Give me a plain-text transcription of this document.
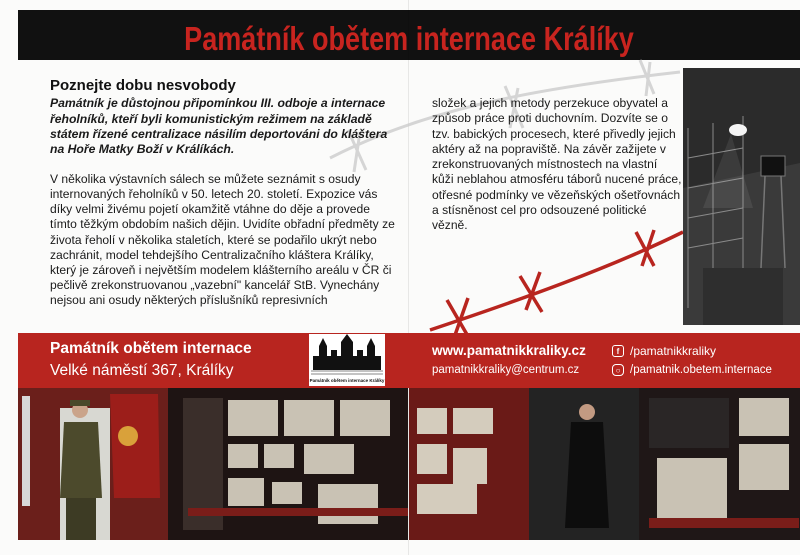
Památník obětem internace Králíky
Poznejte dobu nesvobody
Památník je důstojnou připomínkou III. odboje a internace řeholníků, kteří byli komunistickým režimem na základě státem řízené centralizace násilím deportováni do kláštera na Hoře Matky Boží v Králíkách.
V několika výstavních sálech se můžete seznámit s osudy internovaných řeholníků v 50. letech 20. století. Expozice vás díky velmi živému pojetí okamžitě vtáhne do děje a provede tímto těžkým obdobím našich dějin. Uvidíte obřadní předměty ze života řeholí v několika staletích, které se podařilo ukrýt nebo zachránit, model tehdejšího Centralizačního kláštera Králíky, který je zároveň i největším modelem klášterního areálu v ČR či pečlivě zrekonstruovanou „vazební" kancelář StB. Vynechány nejsou ani osudy některých příslušníků represivních
složek a jejich metody perzekuce obyvatel a způsob práce proti duchovním. Dozvíte se o tzv. babických procesech, které přivedly jejich aktéry až na popraviště. Na závěr zažijete v zrekonstruovaných místnostech na vlastní kůži neblahou atmosféru táborů nucené práce, otřesné podmínky ve vězeňských ošetřovnách a stísněnost cel pro odsouzené politické vězně.
Památník obětem internace
Velké náměstí 367, Králíky
Památník obětem internace Králíky
www.pamatnikkraliky.cz
pamatnikkraliky@centrum.cz
f /pamatnikkraliky
○ /pamatnik.obetem.internace
